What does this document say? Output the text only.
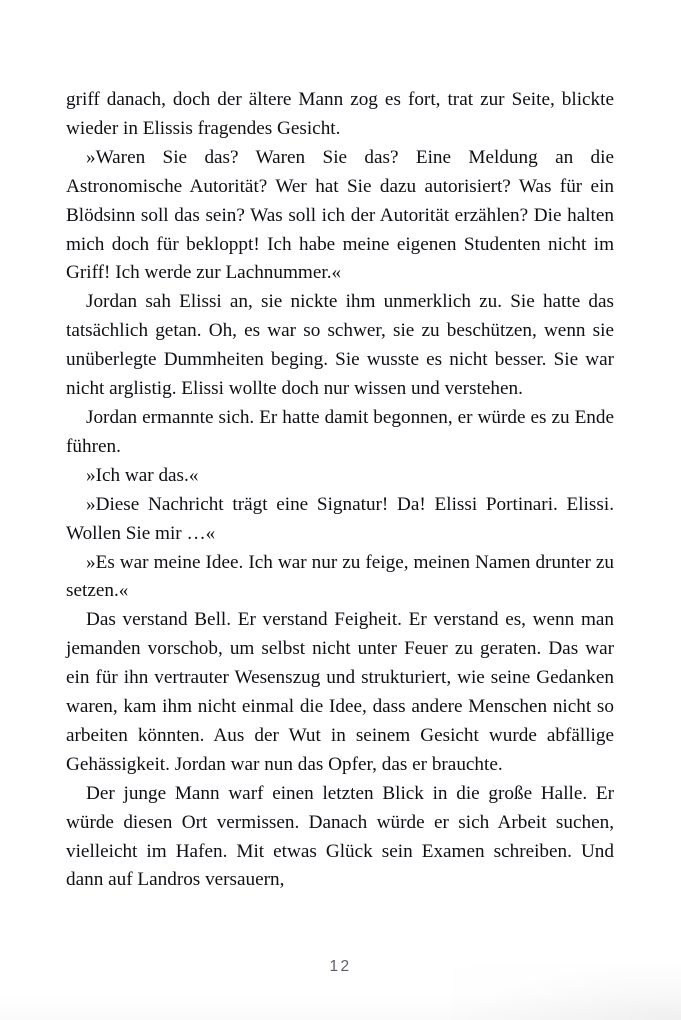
griff danach, doch der ältere Mann zog es fort, trat zur Seite, blickte wieder in Elissis fragendes Gesicht.

»Waren Sie das? Waren Sie das? Eine Meldung an die Astronomische Autorität? Wer hat Sie dazu autorisiert? Was für ein Blödsinn soll das sein? Was soll ich der Autorität erzählen? Die halten mich doch für bekloppt! Ich habe meine eigenen Studenten nicht im Griff! Ich werde zur Lachnummer.«

Jordan sah Elissi an, sie nickte ihm unmerklich zu. Sie hatte das tatsächlich getan. Oh, es war so schwer, sie zu beschützen, wenn sie unüberlegte Dummheiten beging. Sie wusste es nicht besser. Sie war nicht arglistig. Elissi wollte doch nur wissen und verstehen.

Jordan ermannte sich. Er hatte damit begonnen, er würde es zu Ende führen.

»Ich war das.«

»Diese Nachricht trägt eine Signatur! Da! Elissi Portinari. Elissi. Wollen Sie mir …«

»Es war meine Idee. Ich war nur zu feige, meinen Namen drunter zu setzen.«

Das verstand Bell. Er verstand Feigheit. Er verstand es, wenn man jemanden vorschob, um selbst nicht unter Feuer zu geraten. Das war ein für ihn vertrauter Wesenszug und strukturiert, wie seine Gedanken waren, kam ihm nicht einmal die Idee, dass andere Menschen nicht so arbeiten könnten. Aus der Wut in seinem Gesicht wurde abfällige Gehässigkeit. Jordan war nun das Opfer, das er brauchte.

Der junge Mann warf einen letzten Blick in die große Halle. Er würde diesen Ort vermissen. Danach würde er sich Arbeit suchen, vielleicht im Hafen. Mit etwas Glück sein Examen schreiben. Und dann auf Landros versauern,

12
